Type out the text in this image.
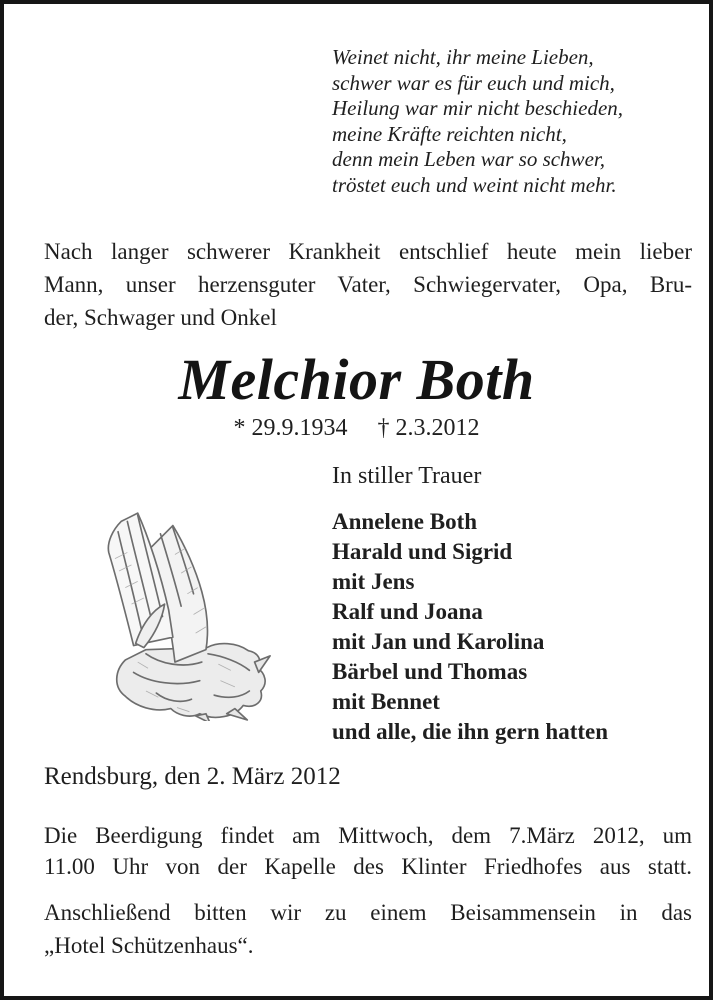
Weinet nicht, ihr meine Lieben,
schwer war es für euch und mich,
Heilung war mir nicht beschieden,
meine Kräfte reichten nicht,
denn mein Leben war so schwer,
tröstet euch und weint nicht mehr.
Nach langer schwerer Krankheit entschlief heute mein lieber
Mann, unser herzensguter Vater, Schwiegervater, Opa, Bru-
der, Schwager und Onkel
Melchior Both
* 29.9.1934 † 2.3.2012
In stiller Trauer
Annelene Both
Harald und Sigrid
mit Jens
Ralf und Joana
mit Jan und Karolina
Bärbel und Thomas
mit Bennet
und alle, die ihn gern hatten
Rendsburg, den 2. März 2012
Die Beerdigung findet am Mittwoch, dem 7.März 2012, um
11.00 Uhr von der Kapelle des Klinter Friedhofes aus statt.
Anschließend bitten wir zu einem Beisammensein in das
„Hotel Schützenhaus“.
